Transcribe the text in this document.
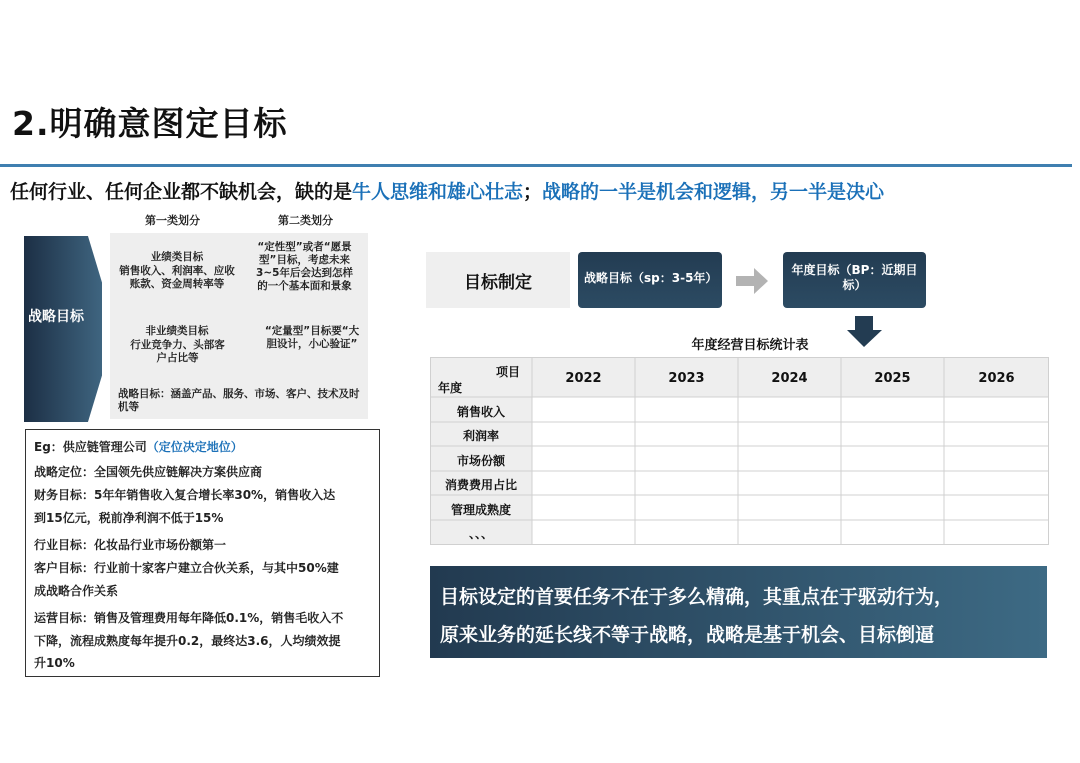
2.明确意图定目标
任何行业、任何企业都不缺机会，缺的是牛人思维和雄心壮志；战略的一半是机会和逻辑，另一半是决心
第一类划分	第二类划分
战略目标
业绩类目标
销售收入、利润率、应收账款、资金周转率等
“定性型”或者“愿景型”目标，考虑未来3~5年后会达到怎样 的一个基本面和景象
非业绩类目标
行业竞争力、头部客户占比等
“定量型”目标要“大胆设计，小心验证”
战略目标：涵盖产品、服务、市场、客户、技术及时机等
Eg：供应链管理公司（定位决定地位）
战略定位：全国领先供应链解决方案供应商
财务目标：5年年销售收入复合增长率30%，销售收入达
到15亿元，税前净利润不低于15%
行业目标：化妆品行业市场份额第一
客户目标：行业前十家客户建立合伙关系，与其中50%建
成战略合作关系
运营目标：销售及管理费用每年降低0.1%，销售毛收入不
下降，流程成熟度每年提升0.2，最终达3.6，人均绩效提
升10%
目标制定	战略目标（sp：3-5年）
年度目标（BP：近期目标）
年度经营目标统计表
项目
年度
2022	2023	2024	2025	2026
销售收入
利润率
市场份额
消费费用占比
管理成熟度
、、、
目标设定的首要任务不在于多么精确，其重点在于驱动行为，
原来业务的延长线不等于战略，战略是基于机会、目标倒逼
